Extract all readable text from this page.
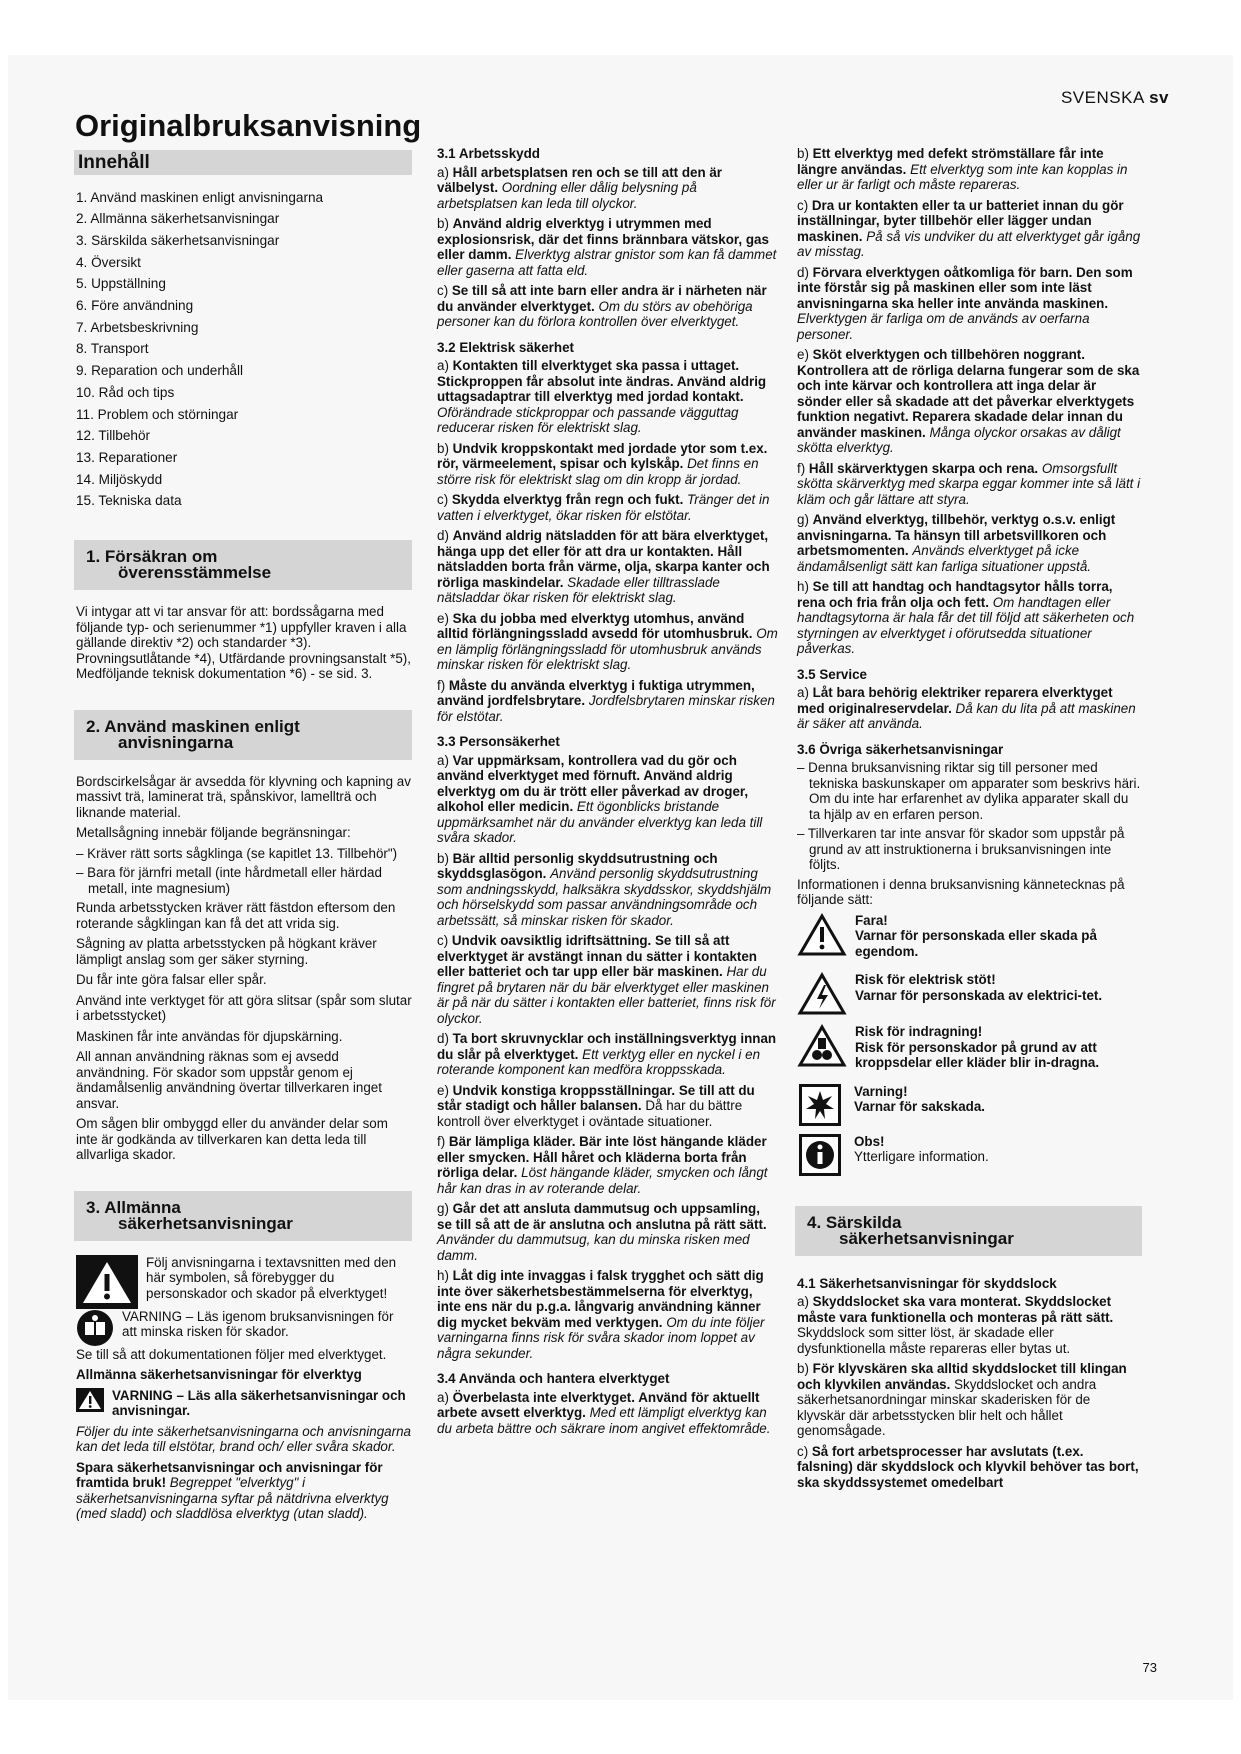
SVENSKA sv
Originalbruksanvisning
Innehåll
1. Använd maskinen enligt anvisningarna
2. Allmänna säkerhetsanvisningar
3. Särskilda säkerhetsanvisningar
4. Översikt
5. Uppställning
6. Före användning
7. Arbetsbeskrivning
8. Transport
9. Reparation och underhåll
10. Råd och tips
11. Problem och störningar
12. Tillbehör
13. Reparationer
14. Miljöskydd
15. Tekniska data
1. Försäkran om
överensstämmelse

Vi intygar att vi tar ansvar för att: bordssågarna med följande typ- och serienummer *1) uppfyller kraven i alla gällande direktiv *2) och standarder *3). Provningsutlåtande *4), Utfärdande provningsanstalt *5), Medföljande teknisk dokumentation *6) - se sid. 3.

2. Använd maskinen enligt
anvisningarna

Bordscirkelsågar är avsedda för klyvning och kapning av massivt trä, laminerat trä, spånskivor, lamellträ och liknande material.

Metallsågning innebär följande begränsningar:

– Kräver rätt sorts sågklinga (se kapitlet 13. Tillbehör")

– Bara för järnfri metall (inte hårdmetall eller härdad metall, inte magnesium)

Runda arbetsstycken kräver rätt fästdon eftersom den roterande sågklingan kan få det att vrida sig.

Sågning av platta arbetsstycken på högkant kräver lämpligt anslag som ger säker styrning.

Du får inte göra falsar eller spår.

Använd inte verktyget för att göra slitsar (spår som slutar i arbetsstycket)

Maskinen får inte användas för djupskärning.

All annan användning räknas som ej avsedd användning. För skador som uppstår genom ej ändamålsenlig användning övertar tillverkaren inget ansvar.

Om sågen blir ombyggd eller du använder delar som inte är godkända av tillverkaren kan detta leda till allvarliga skador.

3. Allmänna
säkerhetsanvisningar

Följ anvisningarna i textavsnitten med den här symbolen, så förebygger du personskador och skador på elverktyget!

VARNING – Läs igenom bruksanvisningen för att minska risken för skador.

Se till så att dokumentationen följer med elverktyget.

Allmänna säkerhetsanvisningar för elverktyg

VARNING – Läs alla säkerhetsanvisningar och anvisningar.

Följer du inte säkerhetsanvisningarna och anvisningarna kan det leda till elstötar, brand och/ eller svåra skador.

Spara säkerhetsanvisningar och anvisningar för framtida bruk! Begreppet "elverktyg" i säkerhetsanvisningarna syftar på nätdrivna elverktyg (med sladd) och sladdlösa elverktyg (utan sladd).

3.1 Arbetsskydd

a) Håll arbetsplatsen ren och se till att den är välbelyst. Oordning eller dålig belysning på arbetsplatsen kan leda till olyckor.

b) Använd aldrig elverktyg i utrymmen med explosionsrisk, där det finns brännbara vätskor, gas eller damm. Elverktyg alstrar gnistor som kan få dammet eller gaserna att fatta eld.

c) Se till så att inte barn eller andra är i närheten när du använder elverktyget. Om du störs av obehöriga personer kan du förlora kontrollen över elverktyget.

3.2 Elektrisk säkerhet

a) Kontakten till elverktyget ska passa i uttaget. Stickproppen får absolut inte ändras. Använd aldrig uttagsadaptrar till elverktyg med jordad kontakt. Oförändrade stickproppar och passande vägguttag reducerar risken för elektriskt slag.

b) Undvik kroppskontakt med jordade ytor som t.ex. rör, värmeelement, spisar och kylskåp. Det finns en större risk för elektriskt slag om din kropp är jordad.

c) Skydda elverktyg från regn och fukt. Tränger det in vatten i elverktyget, ökar risken för elstötar.

d) Använd aldrig nätsladden för att bära elverktyget, hänga upp det eller för att dra ur kontakten. Håll nätsladden borta från värme, olja, skarpa kanter och rörliga maskindelar. Skadade eller tilltrasslade nätsladdar ökar risken för elektriskt slag.

e) Ska du jobba med elverktyg utomhus, använd alltid förlängningssladd avsedd för utomhusbruk. Om en lämplig förlängningssladd för utomhusbruk används minskar risken för elektriskt slag.

f) Måste du använda elverktyg i fuktiga utrymmen, använd jordfelsbrytare. Jordfelsbrytaren minskar risken för elstötar.

3.3 Personsäkerhet

a) Var uppmärksam, kontrollera vad du gör och använd elverktyget med förnuft. Använd aldrig elverktyg om du är trött eller påverkad av droger, alkohol eller medicin. Ett ögonblicks bristande uppmärksamhet när du använder elverktyg kan leda till svåra skador.

b) Bär alltid personlig skyddsutrustning och skyddsglasögon. Använd personlig skyddsutrustning som andningsskydd, halksäkra skyddsskor, skyddshjälm och hörselskydd som passar användningsområde och arbetssätt, så minskar risken för skador.

c) Undvik oavsiktlig idriftsättning. Se till så att elverktyget är avstängt innan du sätter i kontakten eller batteriet och tar upp eller bär maskinen. Har du fingret på brytaren när du bär elverktyget eller maskinen är på när du sätter i kontakten eller batteriet, finns risk för olyckor.

d) Ta bort skruvnycklar och inställningsverktyg innan du slår på elverktyget. Ett verktyg eller en nyckel i en roterande komponent kan medföra kroppsskada.

e) Undvik konstiga kroppsställningar. Se till att du står stadigt och håller balansen. Då har du bättre kontroll över elverktyget i oväntade situationer.

f) Bär lämpliga kläder. Bär inte löst hängande kläder eller smycken. Håll håret och kläderna borta från rörliga delar. Löst hängande kläder, smycken och långt hår kan dras in av roterande delar.

g) Går det att ansluta dammutsug och uppsamling, se till så att de är anslutna och anslutna på rätt sätt. Använder du dammutsug, kan du minska risken med damm.

h) Låt dig inte invaggas i falsk trygghet och sätt dig inte över säkerhetsbestämmelserna för elverktyg, inte ens när du p.g.a. långvarig användning känner dig mycket bekväm med verktygen. Om du inte följer varningarna finns risk för svåra skador inom loppet av några sekunder.

3.4 Använda och hantera elverktyget

a) Överbelasta inte elverktyget. Använd för aktuellt arbete avsett elverktyg. Med ett lämpligt elverktyg kan du arbeta bättre och säkrare inom angivet effektområde.

b) Ett elverktyg med defekt strömställare får inte längre användas. Ett elverktyg som inte kan kopplas in eller ur är farligt och måste repareras.

c) Dra ur kontakten eller ta ur batteriet innan du gör inställningar, byter tillbehör eller lägger undan maskinen. På så vis undviker du att elverktyget går igång av misstag.

d) Förvara elverktygen oåtkomliga för barn. Den som inte förstår sig på maskinen eller som inte läst anvisningarna ska heller inte använda maskinen. Elverktygen är farliga om de används av oerfarna personer.

e) Sköt elverktygen och tillbehören noggrant. Kontrollera att de rörliga delarna fungerar som de ska och inte kärvar och kontrollera att inga delar är sönder eller så skadade att det påverkar elverktygets funktion negativt. Reparera skadade delar innan du använder maskinen. Många olyckor orsakas av dåligt skötta elverktyg.

f) Håll skärverktygen skarpa och rena. Omsorgsfullt skötta skärverktyg med skarpa eggar kommer inte så lätt i kläm och går lättare att styra.

g) Använd elverktyg, tillbehör, verktyg o.s.v. enligt anvisningarna. Ta hänsyn till arbetsvillkoren och arbetsmomenten. Används elverktyget på icke ändamålsenligt sätt kan farliga situationer uppstå.

h) Se till att handtag och handtagsytor hålls torra, rena och fria från olja och fett. Om handtagen eller handtagsytorna är hala får det till följd att säkerheten och styrningen av elverktyget i oförutsedda situationer påverkas.

3.5 Service

a) Låt bara behörig elektriker reparera elverktyget med originalreservdelar. Då kan du lita på att maskinen är säker att använda.

3.6 Övriga säkerhetsanvisningar

– Denna bruksanvisning riktar sig till personer med tekniska baskunskaper om apparater som beskrivs häri. Om du inte har erfarenhet av dylika apparater skall du ta hjälp av en erfaren person.

– Tillverkaren tar inte ansvar för skador som uppstår på grund av att instruktionerna i bruksanvisningen inte följts.

Informationen i denna bruksanvisning kännetecknas på följande sätt:

Fara!

Varnar för personskada eller skada på egendom.

Risk för elektrisk stöt!

Varnar för personskada av elektrici-tet.

Risk för indragning!

Risk för personskador på grund av att kroppsdelar eller kläder blir in-dragna.

Varning!

Varnar för sakskada.

Obs!

Ytterligare information.

4. Särskilda
säkerhetsanvisningar

4.1 Säkerhetsanvisningar för skyddslock

a) Skyddslocket ska vara monterat. Skyddslocket måste vara funktionella och monteras på rätt sätt. Skyddslock som sitter löst, är skadade eller dysfunktionella måste repareras eller bytas ut.

b) För klyvskären ska alltid skyddslocket till klingan och klyvkilen användas. Skyddslocket och andra säkerhetsanordningar minskar skaderisken för de klyvskär där arbetsstycken blir helt och hållet genomsågade.

c) Så fort arbetsprocesser har avslutats (t.ex. falsning) där skyddslock och klyvkil behöver tas bort, ska skyddssystemet omedelbart

73
